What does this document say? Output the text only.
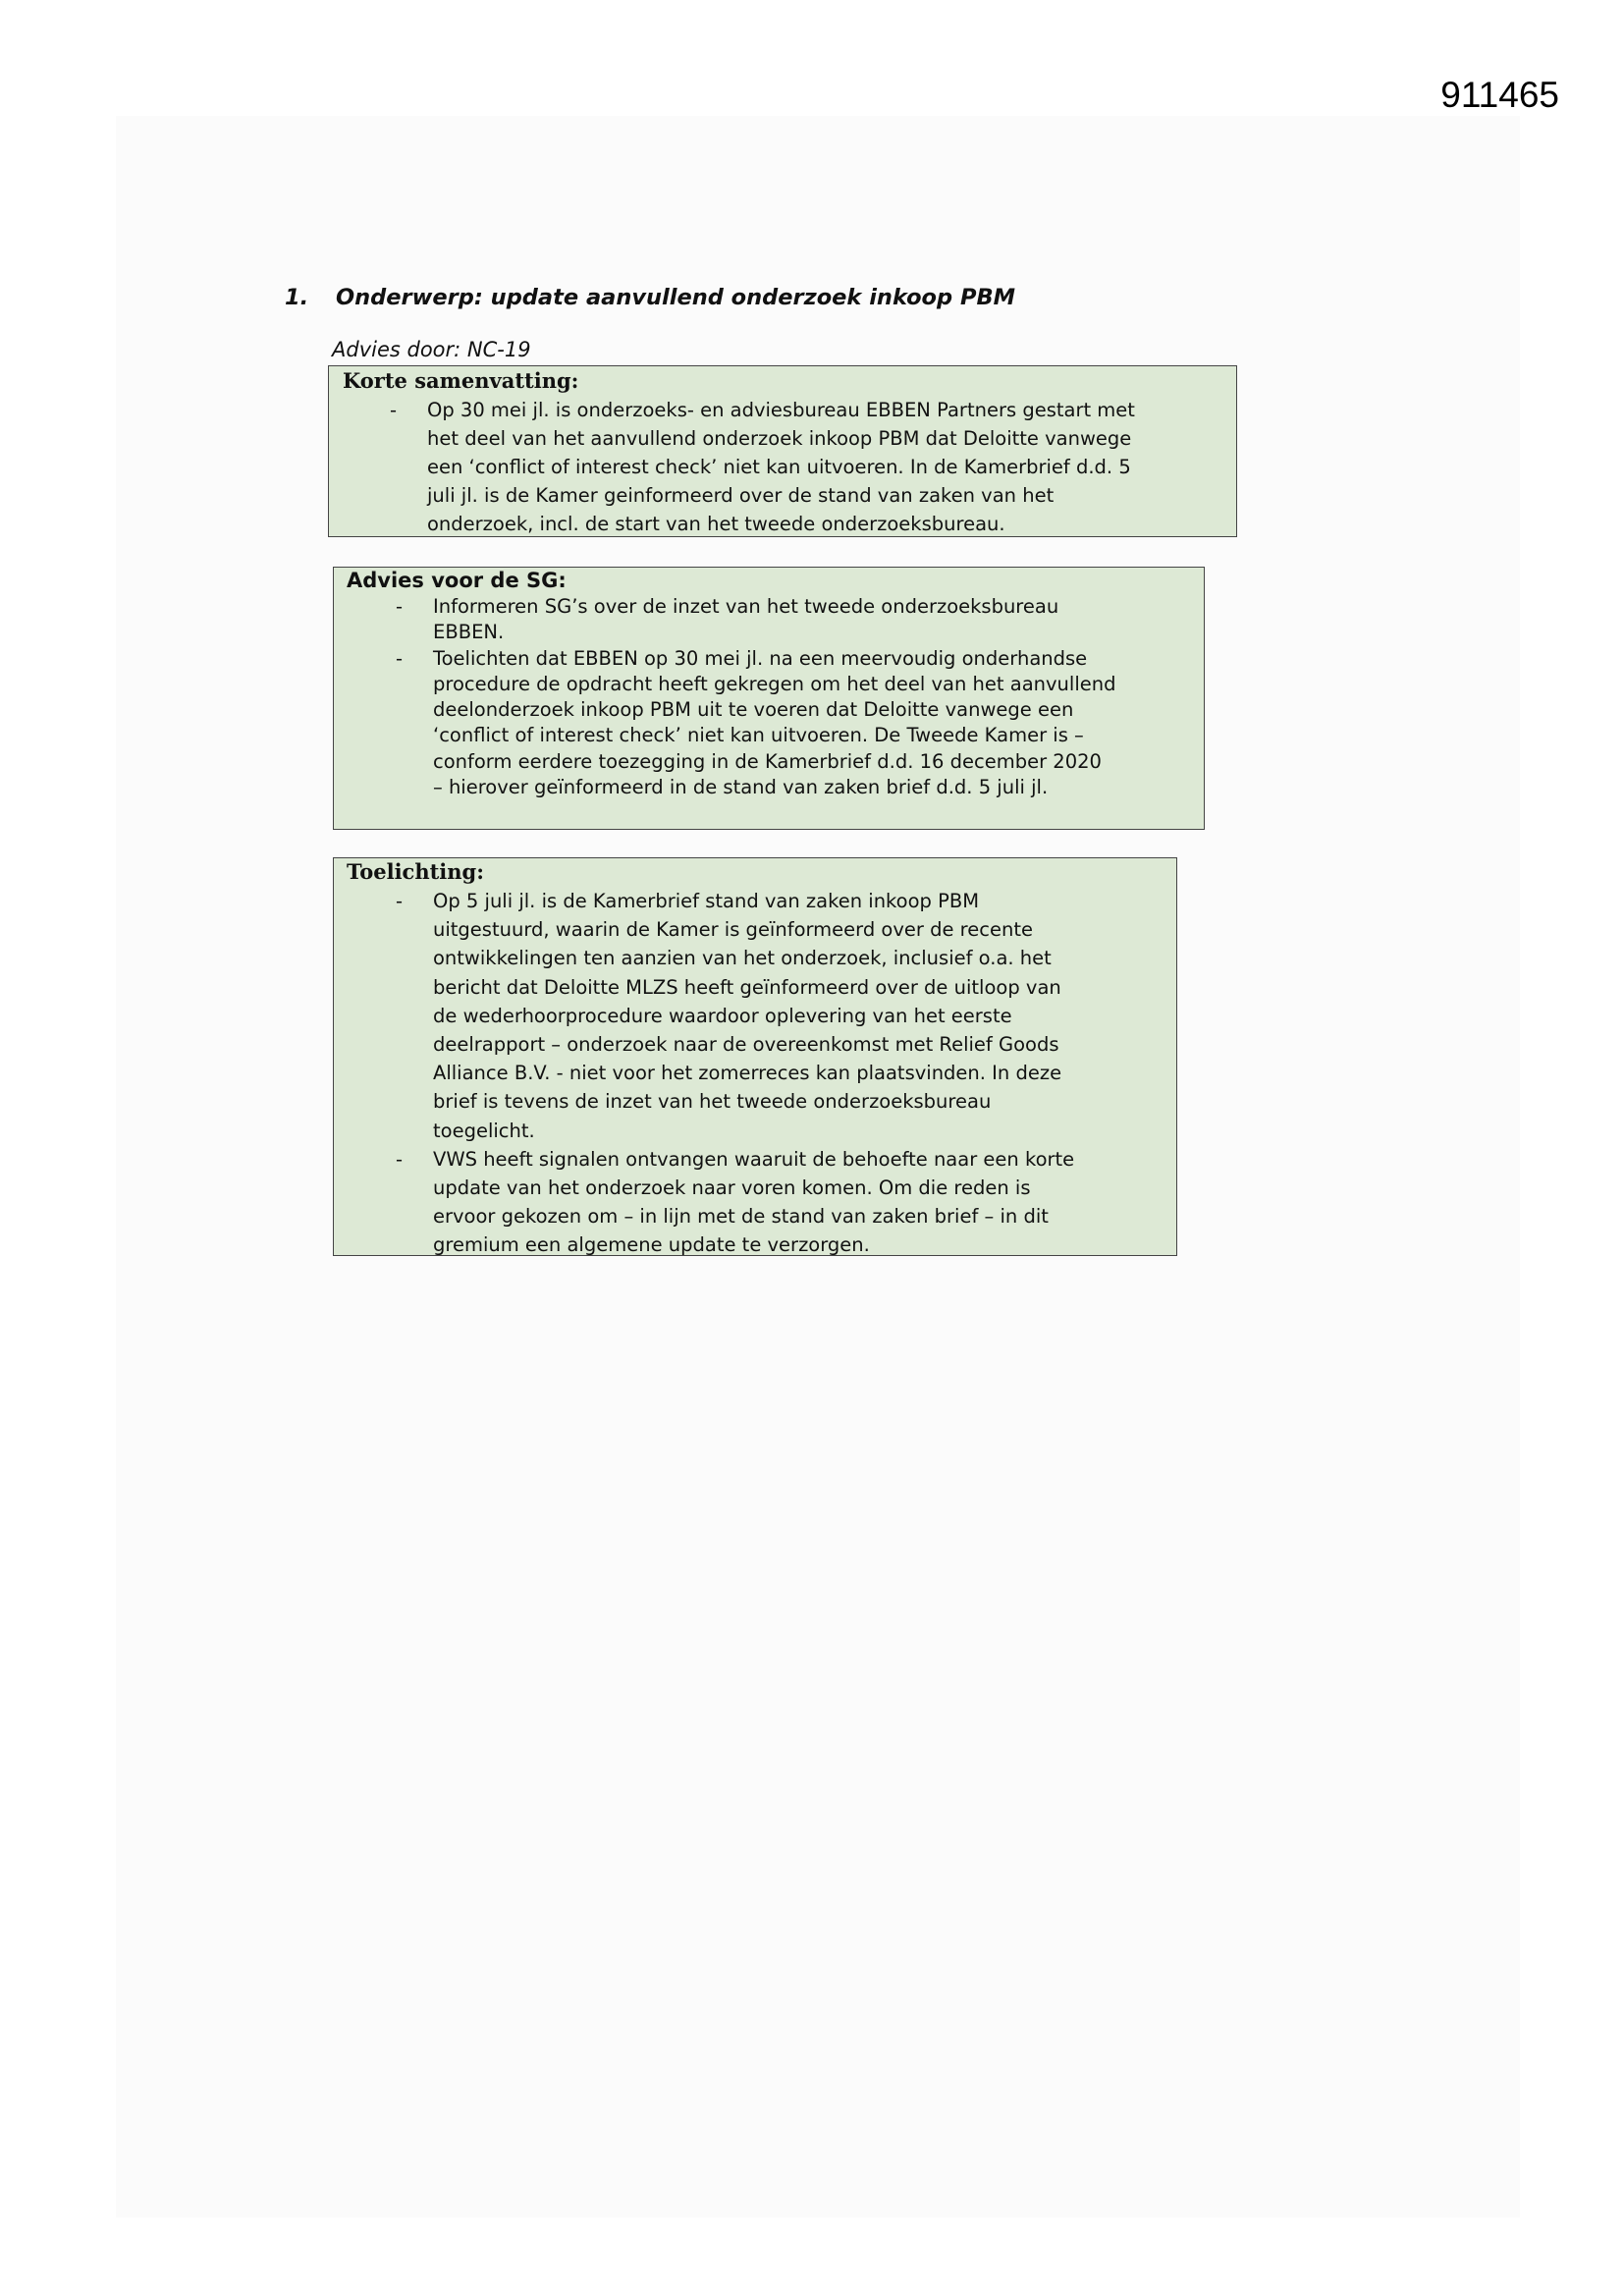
911465
1. Onderwerp: update aanvullend onderzoek inkoop PBM
Advies door: NC-19
Korte samenvatting:
- Op 30 mei jl. is onderzoeks- en adviesbureau EBBEN Partners gestart met
het deel van het aanvullend onderzoek inkoop PBM dat Deloitte vanwege
een ‘conflict of interest check’ niet kan uitvoeren. In de Kamerbrief d.d. 5
juli jl. is de Kamer geinformeerd over de stand van zaken van het
onderzoek, incl. de start van het tweede onderzoeksbureau.
Advies voor de SG:
- Informeren SG’s over de inzet van het tweede onderzoeksbureau
EBBEN.
- Toelichten dat EBBEN op 30 mei jl. na een meervoudig onderhandse
procedure de opdracht heeft gekregen om het deel van het aanvullend
deelonderzoek inkoop PBM uit te voeren dat Deloitte vanwege een
‘conflict of interest check’ niet kan uitvoeren. De Tweede Kamer is –
conform eerdere toezegging in de Kamerbrief d.d. 16 december 2020
– hierover geïnformeerd in de stand van zaken brief d.d. 5 juli jl.
Toelichting:
- Op 5 juli jl. is de Kamerbrief stand van zaken inkoop PBM
uitgestuurd, waarin de Kamer is geïnformeerd over de recente
ontwikkelingen ten aanzien van het onderzoek, inclusief o.a. het
bericht dat Deloitte MLZS heeft geïnformeerd over de uitloop van
de wederhoorprocedure waardoor oplevering van het eerste
deelrapport – onderzoek naar de overeenkomst met Relief Goods
Alliance B.V. - niet voor het zomerreces kan plaatsvinden. In deze
brief is tevens de inzet van het tweede onderzoeksbureau
toegelicht.
- VWS heeft signalen ontvangen waaruit de behoefte naar een korte
update van het onderzoek naar voren komen. Om die reden is
ervoor gekozen om – in lijn met de stand van zaken brief – in dit
gremium een algemene update te verzorgen.
